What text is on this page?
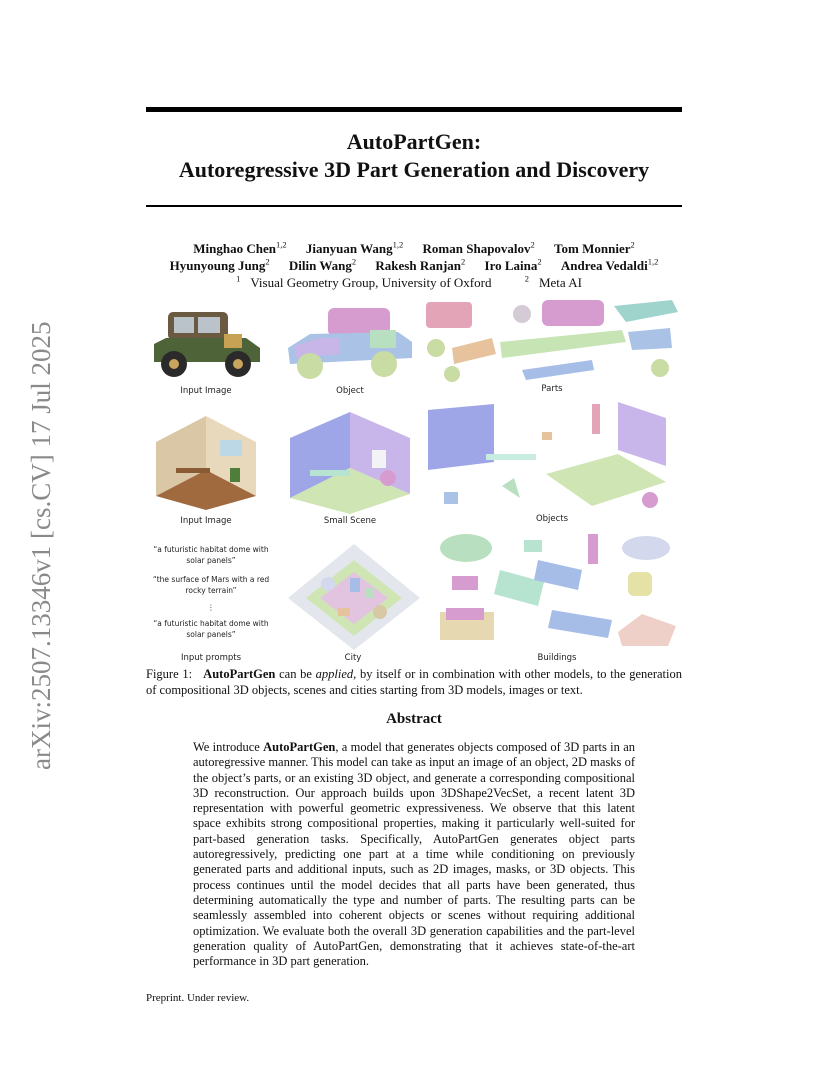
arXiv:2507.13346v1 [cs.CV] 17 Jul 2025
AutoPartGen:
Autoregressive 3D Part Generation and Discovery
Minghao Chen$^{1,2}$ Jianyuan Wang$^{1,2}$ Roman Shapovalov$^2$ Tom Monnier$^2$
Hyunyoung Jung$^2$ Dilin Wang$^2$ Rakesh Ranjan$^2$ Iro Laina$^2$ Andrea Vedaldi$^{1,2}$
$^1$ Visual Geometry Group, University of Oxford	$^2$ Meta AI
Input Image	Object	Parts
Input Image	Small Scene	Objects
“a futuristic habitat dome with solar panels”
“the surface of Mars with a red rocky terrain”
⋮
“a futuristic habitat dome with solar panels”
Input prompts	City	Buildings
Figure 1: AutoPartGen can be applied, by itself or in combination with other models, to the generation of compositional 3D objects, scenes and cities starting from 3D models, images or text.
Abstract
We introduce AutoPartGen, a model that generates objects composed of 3D parts in an autoregressive manner. This model can take as input an image of an object, 2D masks of the object’s parts, or an existing 3D object, and generate a corresponding compositional 3D reconstruction. Our approach builds upon 3DShape2VecSet, a recent latent 3D representation with powerful geometric expressiveness. We observe that this latent space exhibits strong compositional properties, making it particularly well-suited for part-based generation tasks. Specifically, AutoPartGen generates object parts autoregressively, predicting one part at a time while conditioning on previously generated parts and additional inputs, such as 2D images, masks, or 3D objects. This process continues until the model decides that all parts have been generated, thus determining automatically the type and number of parts. The resulting parts can be seamlessly assembled into coherent objects or scenes without requiring additional optimization. We evaluate both the overall 3D generation capabilities and the part-level generation quality of AutoPartGen, demonstrating that it achieves state-of-the-art performance in 3D part generation.
Preprint. Under review.
